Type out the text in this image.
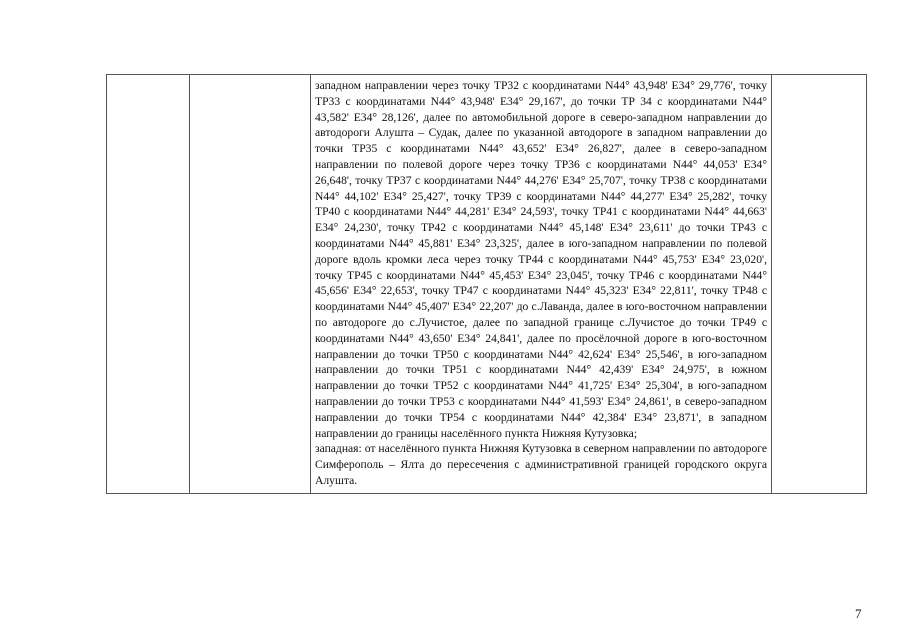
западном направлении через точку ТР32 с координатами N44° 43,948' E34° 29,776', точку ТР33 с координатами N44° 43,948' E34° 29,167', до точки ТР 34 с координатами N44° 43,582' E34° 28,126', далее по автомобильной дороге в северо-западном направлении до автодороги Алушта – Судак, далее по указанной автодороге в западном направлении до точки ТР35 с координатами N44° 43,652' E34° 26,827', далее в северо-западном направлении по полевой дороге через точку ТР36 с координатами N44° 44,053' E34° 26,648', точку ТР37 с координатами N44° 44,276' E34° 25,707', точку ТР38 с координатами N44° 44,102' E34° 25,427', точку ТР39 с координатами N44° 44,277' E34° 25,282', точку ТР40 с координатами N44° 44,281' E34° 24,593', точку ТР41 с координатами N44° 44,663' E34° 24,230', точку ТР42 с координатами N44° 45,148' E34° 23,611' до точки ТР43 с координатами N44° 45,881' E34° 23,325', далее в юго-западном направлении по полевой дороге вдоль кромки леса через точку ТР44 с координатами N44° 45,753' E34° 23,020', точку ТР45 с координатами N44° 45,453' E34° 23,045', точку ТР46 с координатами N44° 45,656' E34° 22,653', точку ТР47 с координатами N44° 45,323' E34° 22,811', точку ТР48 с координатами N44° 45,407' E34° 22,207' до с.Лаванда, далее в юго-восточном направлении по автодороге до с.Лучистое, далее по западной границе с.Лучистое до точки ТР49 с координатами N44° 43,650' E34° 24,841', далее по просёлочной дороге в юго-восточном направлении до точки ТР50 с координатами N44° 42,624' E34° 25,546', в юго-западном направлении до точки ТР51 с координатами N44° 42,439' E34° 24,975', в южном направлении до точки ТР52 с координатами N44° 41,725' E34° 25,304', в юго-западном направлении до точки ТР53 с координатами N44° 41,593' E34° 24,861', в северо-западном направлении до точки ТР54 с координатами N44° 42,384' E34° 23,871', в западном направлении до границы населённого пункта Нижняя Кутузовка;

западная: от населённого пункта Нижняя Кутузовка в северном направлении по автодороге Симферополь – Ялта до пересечения с административной границей городского округа Алушта.

7
